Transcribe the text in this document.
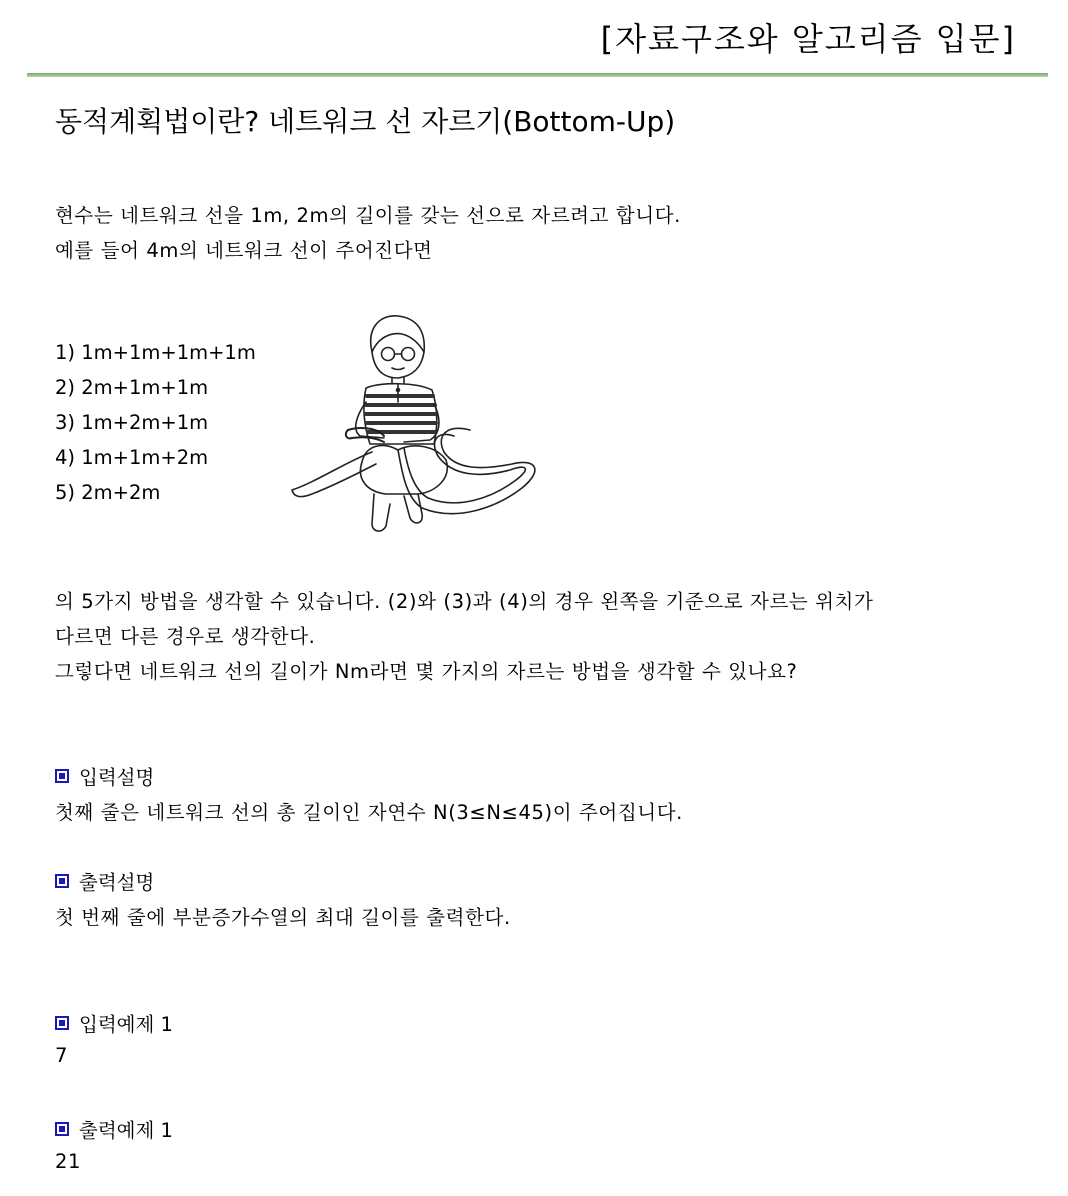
[자료구조와 알고리즘 입문]
동적계획법이란? 네트워크 선 자르기(Bottom-Up)
현수는 네트워크 선을 1m, 2m의 길이를 갖는 선으로 자르려고 합니다.
예를 들어 4m의 네트워크 선이 주어진다면
1) 1m+1m+1m+1m
2) 2m+1m+1m
3) 1m+2m+1m
4) 1m+1m+2m
5) 2m+2m
의 5가지 방법을 생각할 수 있습니다. (2)와 (3)과 (4)의 경우 왼쪽을 기준으로 자르는 위치가
다르면 다른 경우로 생각한다.
그렇다면 네트워크 선의 길이가 Nm라면 몇 가지의 자르는 방법을 생각할 수 있나요?
입력설명
첫째 줄은 네트워크 선의 총 길이인 자연수 N(3≤N≤45)이 주어집니다.
출력설명
첫 번째 줄에 부분증가수열의 최대 길이를 출력한다.
입력예제 1
7
출력예제 1
21
